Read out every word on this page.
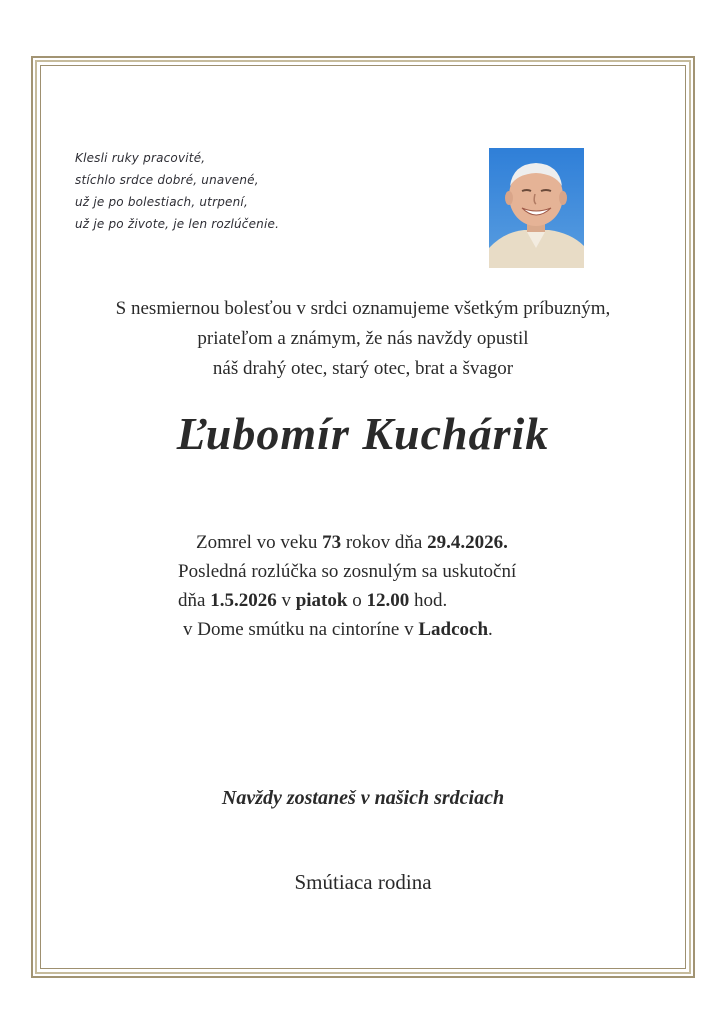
Klesli ruky pracovité,
stíchlo srdce dobré, unavené,
už je po bolestiach, utrpení,
už je po živote, je len rozlúčenie.
S nesmiernou bolesťou v srdci oznamujeme všetkým príbuzným,
priateľom a známym, že nás navždy opustil
náš drahý otec, starý otec, brat a švagor
Ľubomír Kuchárik
Zomrel vo veku 73 rokov dňa 29.4.2026.
Posledná rozlúčka so zosnulým sa uskutoční
dňa 1.5.2026 v piatok o 12.00 hod.
v Dome smútku na cintoríne v Ladcoch.
Navždy zostaneš v našich srdciach
Smútiaca rodina
